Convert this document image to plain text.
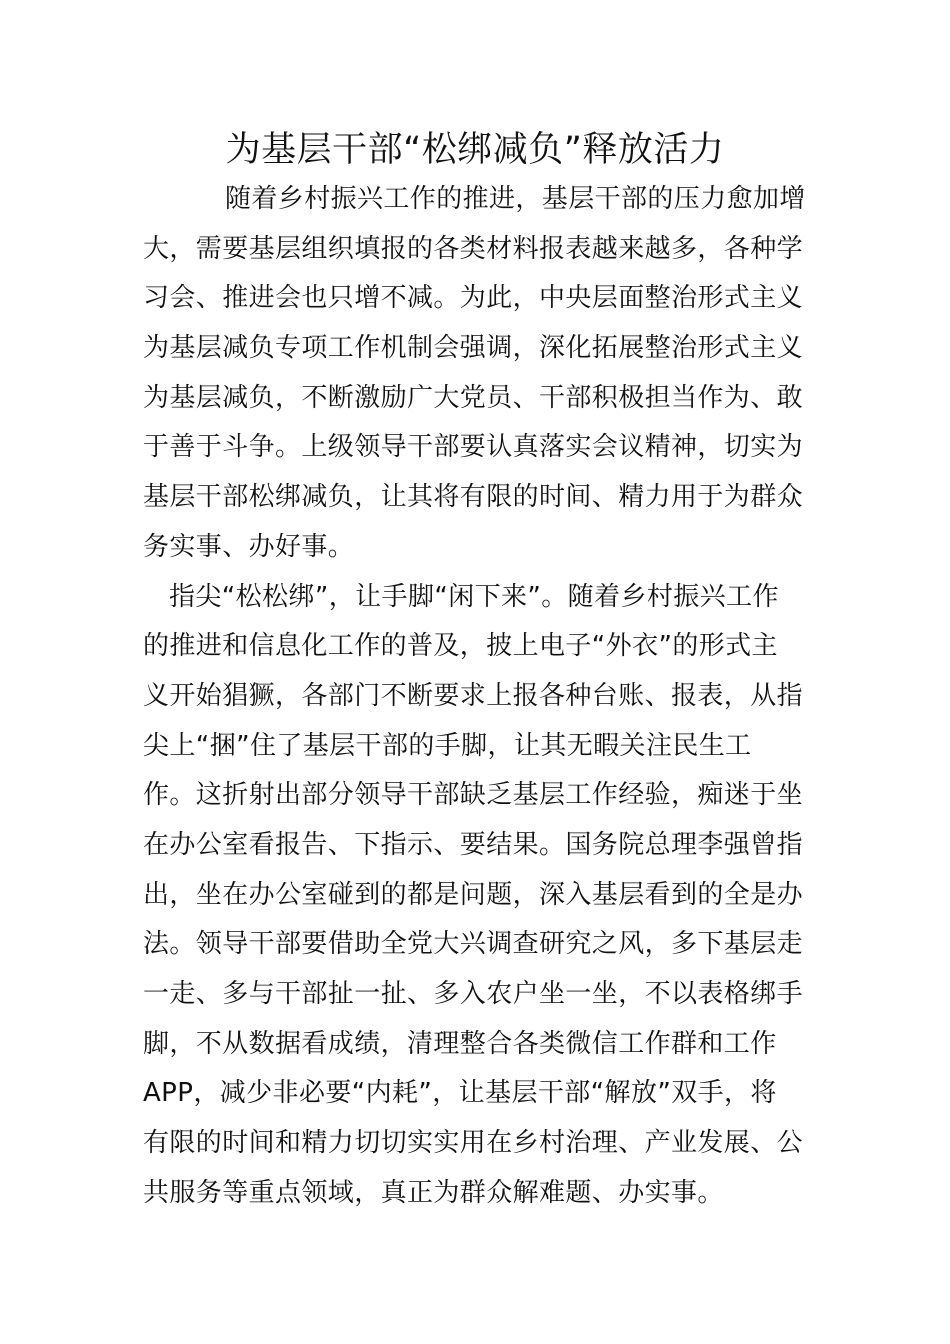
为基层干部“松绑减负”释放活力
随着乡村振兴工作的推进，基层干部的压力愈加增
大，需要基层组织填报的各类材料报表越来越多，各种学
习会、推进会也只增不减。为此，中央层面整治形式主义
为基层减负专项工作机制会强调，深化拓展整治形式主义
为基层减负，不断激励广大党员、干部积极担当作为、敢
于善于斗争。上级领导干部要认真落实会议精神，切实为
基层干部松绑减负，让其将有限的时间、精力用于为群众
务实事、办好事。
指尖“松松绑”，让手脚“闲下来”。随着乡村振兴工作
的推进和信息化工作的普及，披上电子“外衣”的形式主
义开始猖獗，各部门不断要求上报各种台账、报表，从指
尖上“捆”住了基层干部的手脚，让其无暇关注民生工
作。这折射出部分领导干部缺乏基层工作经验，痴迷于坐
在办公室看报告、下指示、要结果。国务院总理李强曾指
出，坐在办公室碰到的都是问题，深入基层看到的全是办
法。领导干部要借助全党大兴调查研究之风，多下基层走
一走、多与干部扯一扯、多入农户坐一坐，不以表格绑手
脚，不从数据看成绩，清理整合各类微信工作群和工作
APP，减少非必要“内耗”，让基层干部“解放”双手，将
有限的时间和精力切切实实用在乡村治理、产业发展、公
共服务等重点领域，真正为群众解难题、办实事。
